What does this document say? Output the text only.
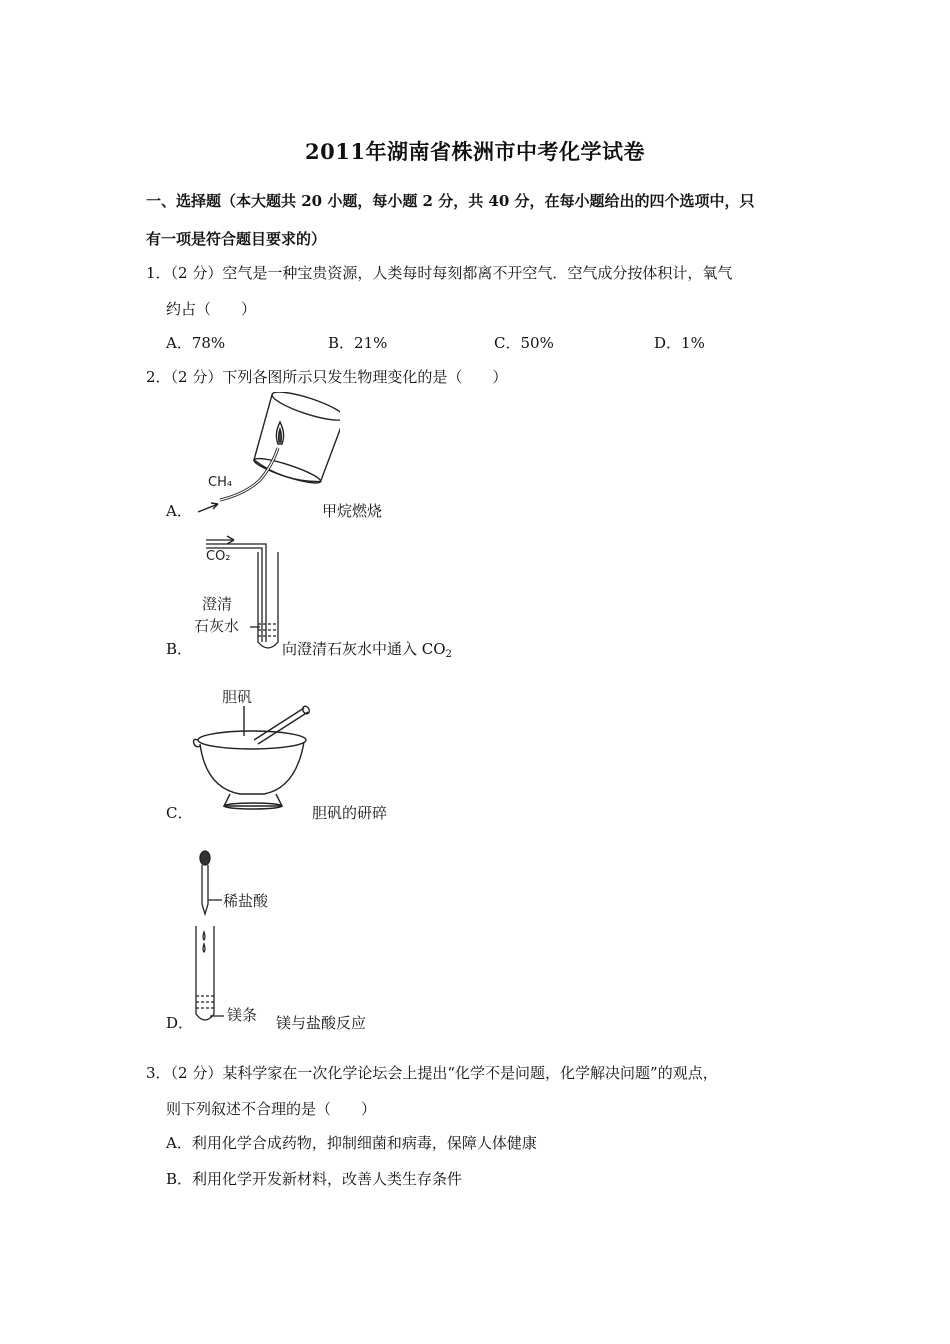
2011年湖南省株洲市中考化学试卷
一、选择题（本大题共 20 小题，每小题 2 分，共 40 分，在每小题给出的四个选项中，只
有一项是符合题目要求的）
1．（2 分）空气是一种宝贵资源，人类每时每刻都离不开空气．空气成分按体积计，氧气
约占（　　）
A．78%	B．21%	C．50%	D．1%
2．（2 分）下列各图所示只发生物理变化的是（　　）
CH₄
A．	甲烷燃烧
CO₂
澄清
石灰水
B．	向澄清石灰水中通入 $CO_2$
胆矾
C．	胆矾的研碎
稀盐酸
镁条
D．	镁与盐酸反应
3．（2 分）某科学家在一次化学论坛会上提出“化学不是问题，化学解决问题”的观点，
则下列叙述不合理的是（　　）
A．利用化学合成药物，抑制细菌和病毒，保障人体健康
B．利用化学开发新材料，改善人类生存条件
